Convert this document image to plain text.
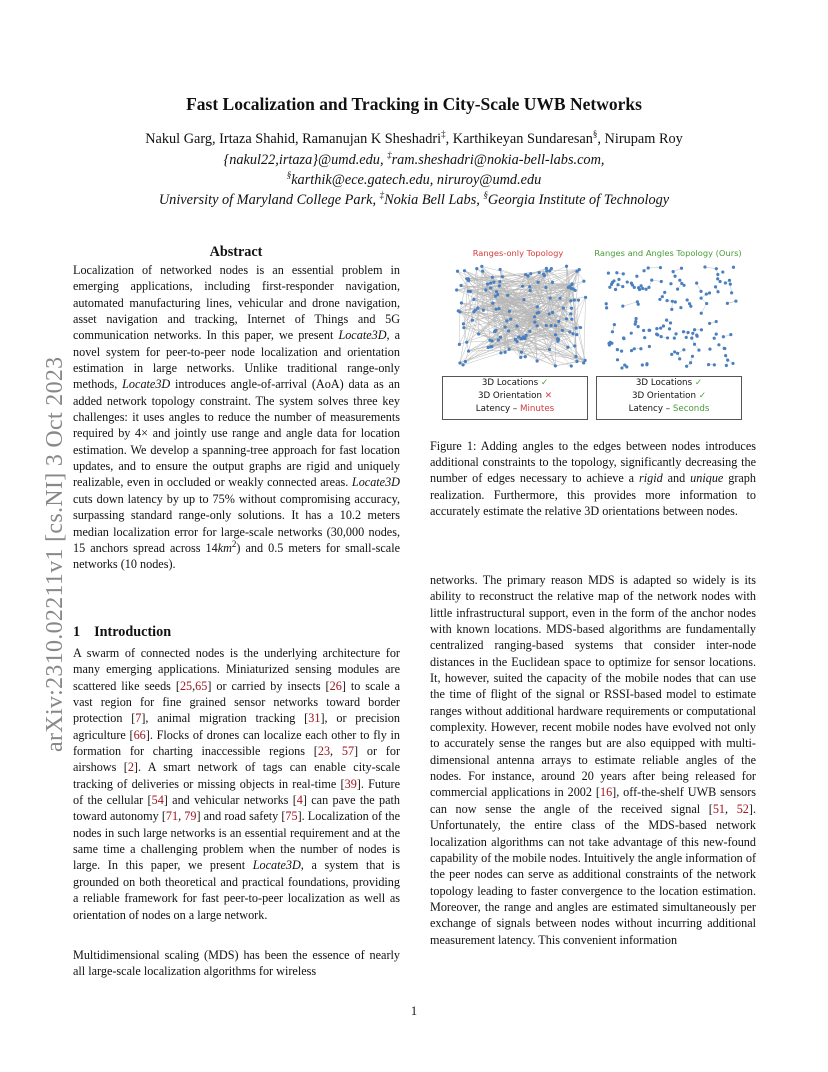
Fast Localization and Tracking in City-Scale UWB Networks
Nakul Garg, Irtaza Shahid, Ramanujan K Sheshadri‡, Karthikeyan Sundaresan§, Nirupam Roy
{nakul22,irtaza}@umd.edu, ‡ram.sheshadri@nokia-bell-labs.com,
§karthik@ece.gatech.edu, niruroy@umd.edu
University of Maryland College Park, ‡Nokia Bell Labs, §Georgia Institute of Technology
arXiv:2310.02211v1 [cs.NI] 3 Oct 2023
Abstract

Localization of networked nodes is an essential problem in emerging applications, including first-responder navigation, automated manufacturing lines, vehicular and drone navigation, asset navigation and tracking, Internet of Things and 5G communication networks. In this paper, we present Locate3D, a novel system for peer-to-peer node localization and orientation estimation in large networks. Unlike traditional range-only methods, Locate3D introduces angle-of-arrival (AoA) data as an added network topology constraint. The system solves three key challenges: it uses angles to reduce the number of measurements required by 4× and jointly use range and angle data for location estimation. We develop a spanning-tree approach for fast location updates, and to ensure the output graphs are rigid and uniquely realizable, even in occluded or weakly connected areas. Locate3D cuts down latency by up to 75% without compromising accuracy, surpassing standard range-only solutions. It has a 10.2 meters median localization error for large-scale networks (30,000 nodes, 15 anchors spread across $14km^2$) and 0.5 meters for small-scale networks (10 nodes).

1 Introduction

A swarm of connected nodes is the underlying architecture for many emerging applications. Miniaturized sensing modules are scattered like seeds [25,65] or carried by insects [26] to scale a vast region for fine grained sensor networks toward border protection [7], animal migration tracking [31], or precision agriculture [66]. Flocks of drones can localize each other to fly in formation for charting inaccessible regions [23, 57] or for airshows [2]. A smart network of tags can enable city-scale tracking of deliveries or missing objects in real-time [39]. Future of the cellular [54] and vehicular networks [4] can pave the path toward autonomy [71, 79] and road safety [75]. Localization of the nodes in such large networks is an essential requirement and at the same time a challenging problem when the number of nodes is large. In this paper, we present Locate3D, a system that is grounded on both theoretical and practical foundations, providing a reliable framework for fast peer-to-peer localization as well as orientation of nodes on a large network.

Multidimensional scaling (MDS) has been the essence of nearly all large-scale localization algorithms for wireless

networks. The primary reason MDS is adapted so widely is its ability to reconstruct the relative map of the network nodes with little infrastructural support, even in the form of the anchor nodes with known locations. MDS-based algorithms are fundamentally centralized ranging-based systems that consider inter-node distances in the Euclidean space to optimize for sensor locations. It, however, suited the capacity of the mobile nodes that can use the time of flight of the signal or RSSI-based model to estimate ranges without additional hardware requirements or computational complexity. However, recent mobile nodes have evolved not only to accurately sense the ranges but are also equipped with multi-dimensional antenna arrays to estimate reliable angles of the nodes. For instance, around 20 years after being released for commercial applications in 2002 [16], off-the-shelf UWB sensors can now sense the angle of the received signal [51, 52]. Unfortunately, the entire class of the MDS-based network localization algorithms can not take advantage of this new-found capability of the mobile nodes. Intuitively the angle information of the peer nodes can serve as additional constraints of the network topology leading to faster convergence to the location estimation. Moreover, the range and angles are estimated simultaneously per exchange of signals between nodes without incurring additional measurement latency. This convenient information

Ranges-only Topology	Ranges and Angles Topology (Ours)
3D Locations ✓
3D Orientation ✕
Latency – Minutes
3D Locations ✓
3D Orientation ✓
Latency – Seconds
Figure 1: Adding angles to the edges between nodes introduces additional constraints to the topology, significantly decreasing the number of edges necessary to achieve a rigid and unique graph realization. Furthermore, this provides more information to accurately estimate the relative 3D orientations between nodes.
1
